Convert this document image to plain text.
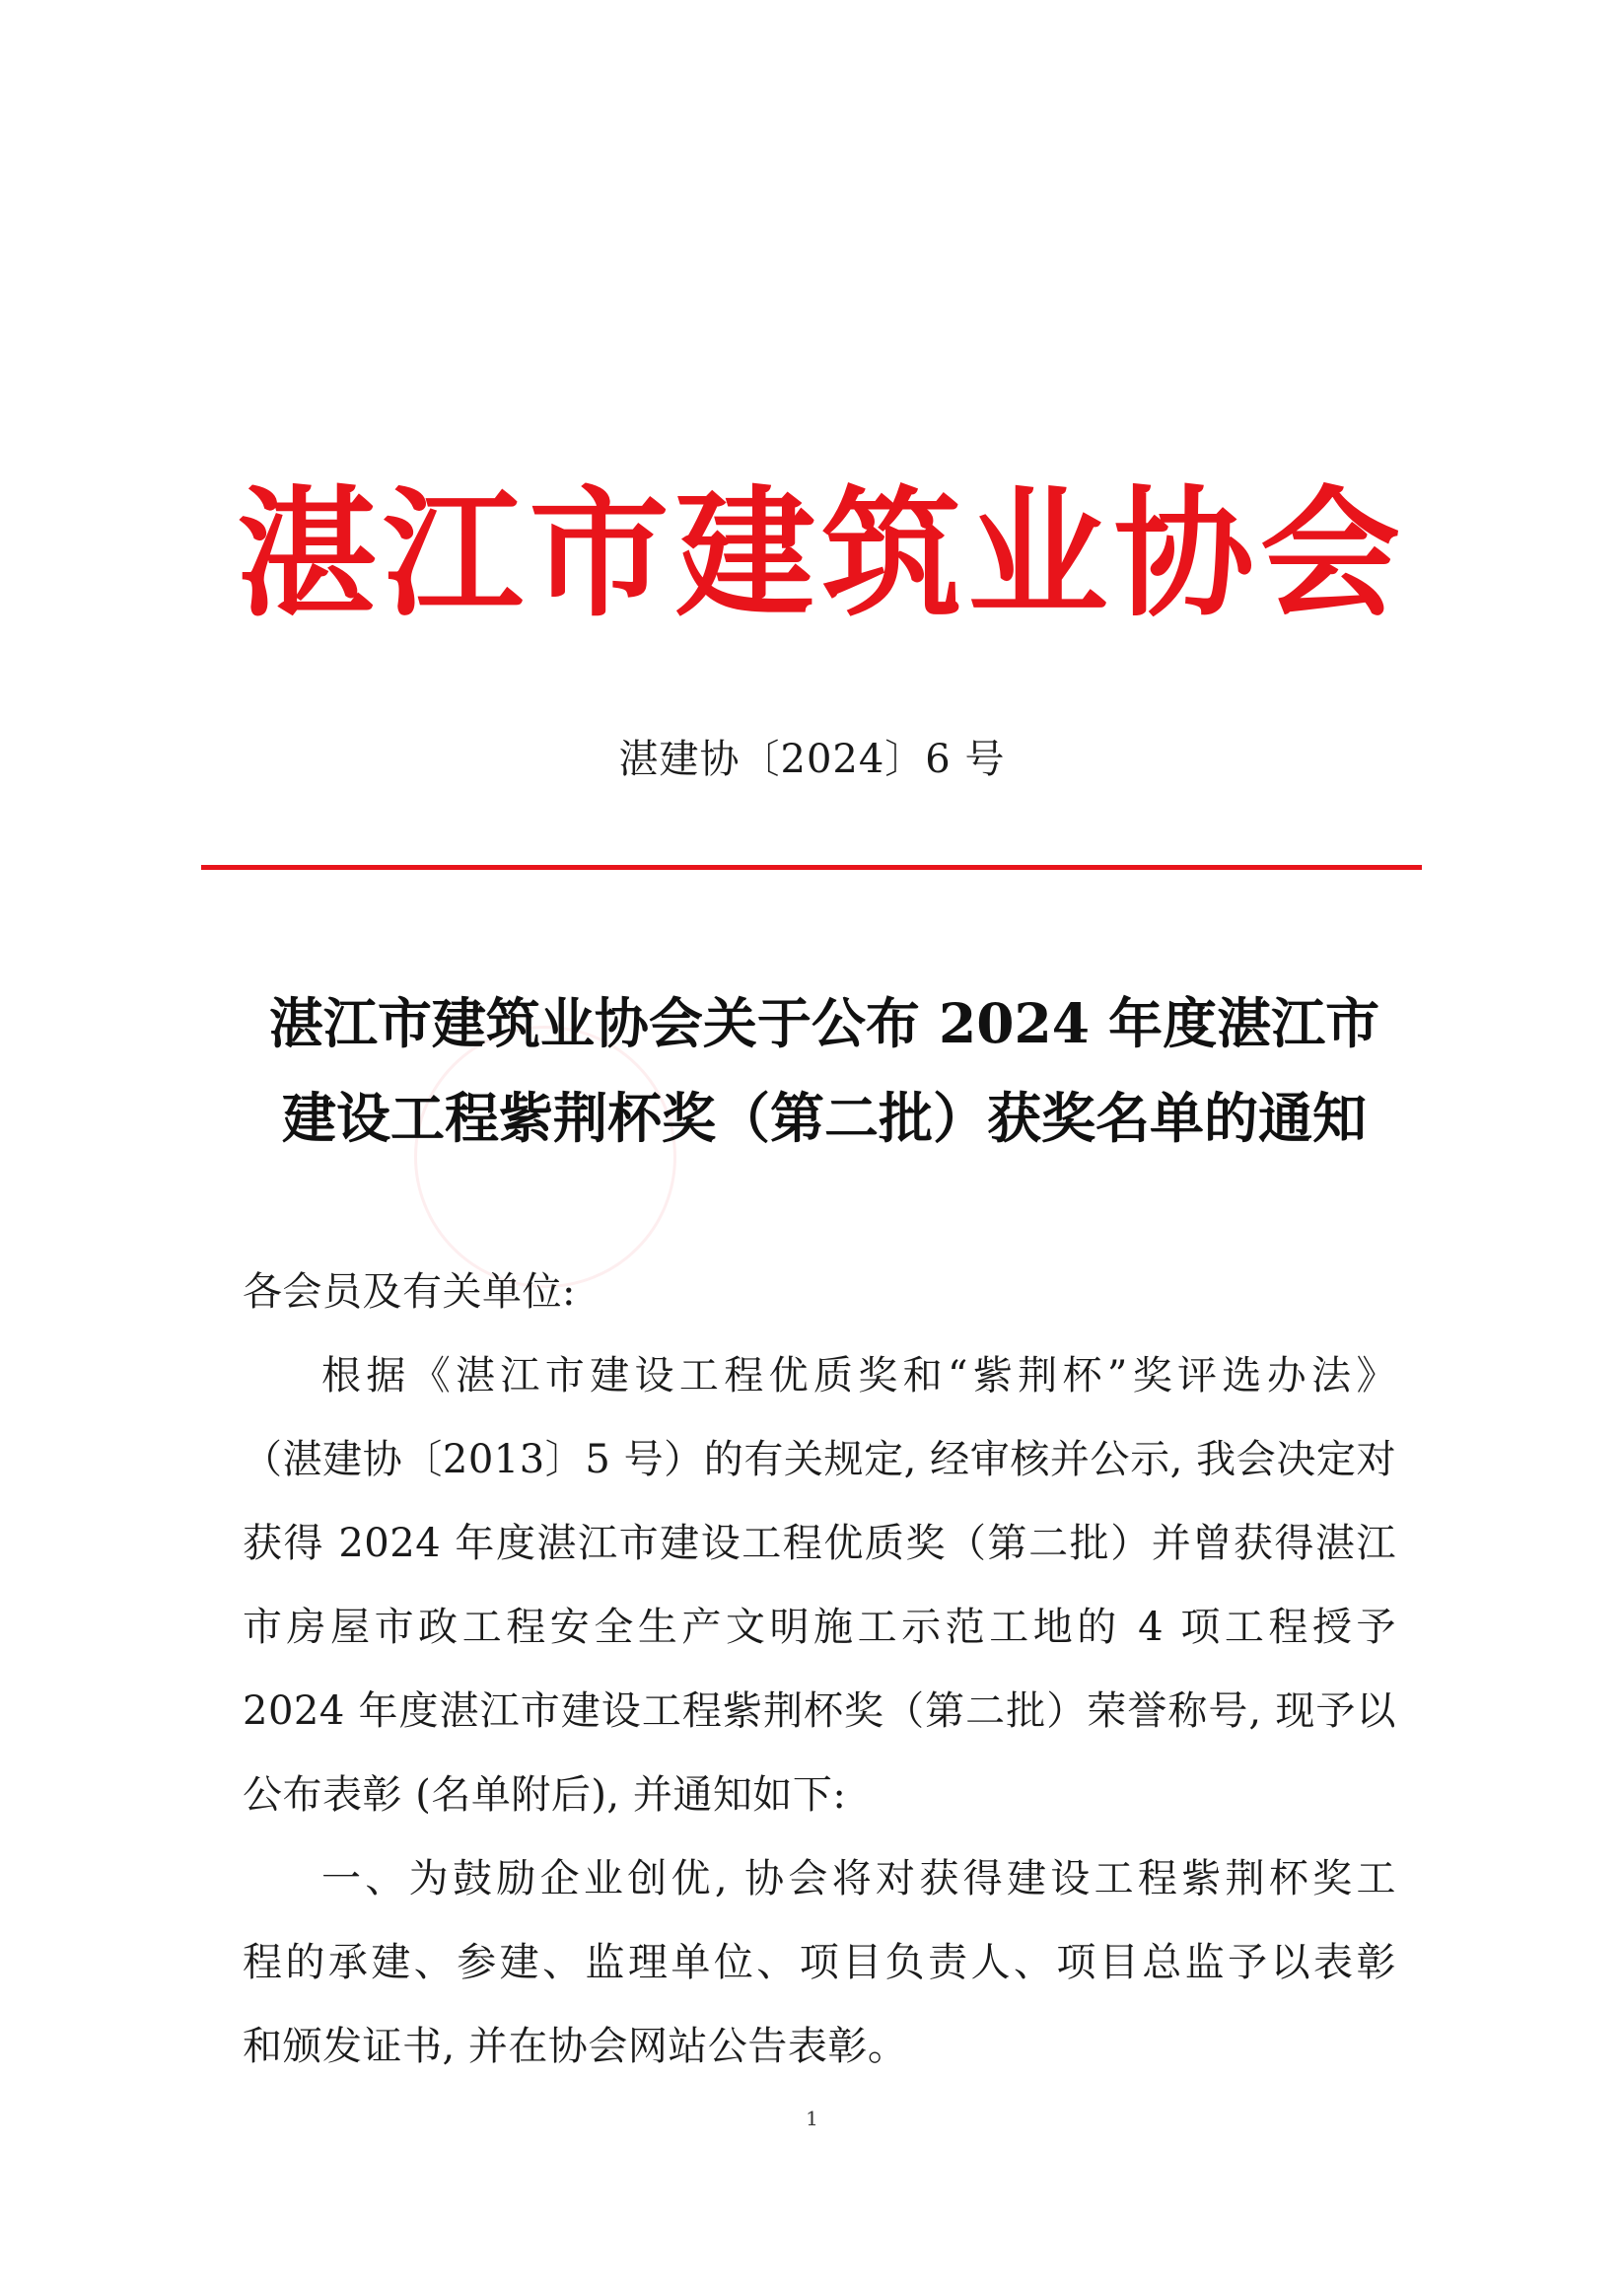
湛 江 市 建 筑 业 协 会
湛建协〔2024〕6 号
湛江市建筑业协会关于公布 2024 年度湛江市
建设工程紫荆杯奖（第二批）获奖名单的通知
各会员及有关单位:

根据《湛江市建设工程优质奖和“紫荆杯”奖评选办法》
（湛建协〔2013〕5 号）的有关规定, 经审核并公示, 我会决定对
获得 2024 年度湛江市建设工程优质奖（第二批）并曾获得湛江
市房屋市政工程安全生产文明施工示范工地的 4 项工程授予
2024 年度湛江市建设工程紫荆杯奖（第二批）荣誉称号, 现予以
公布表彰 (名单附后), 并通知如下:

一、为鼓励企业创优, 协会将对获得建设工程紫荆杯奖工
程的承建、参建、监理单位、项目负责人、项目总监予以表彰
和颁发证书, 并在协会网站公告表彰。

1
